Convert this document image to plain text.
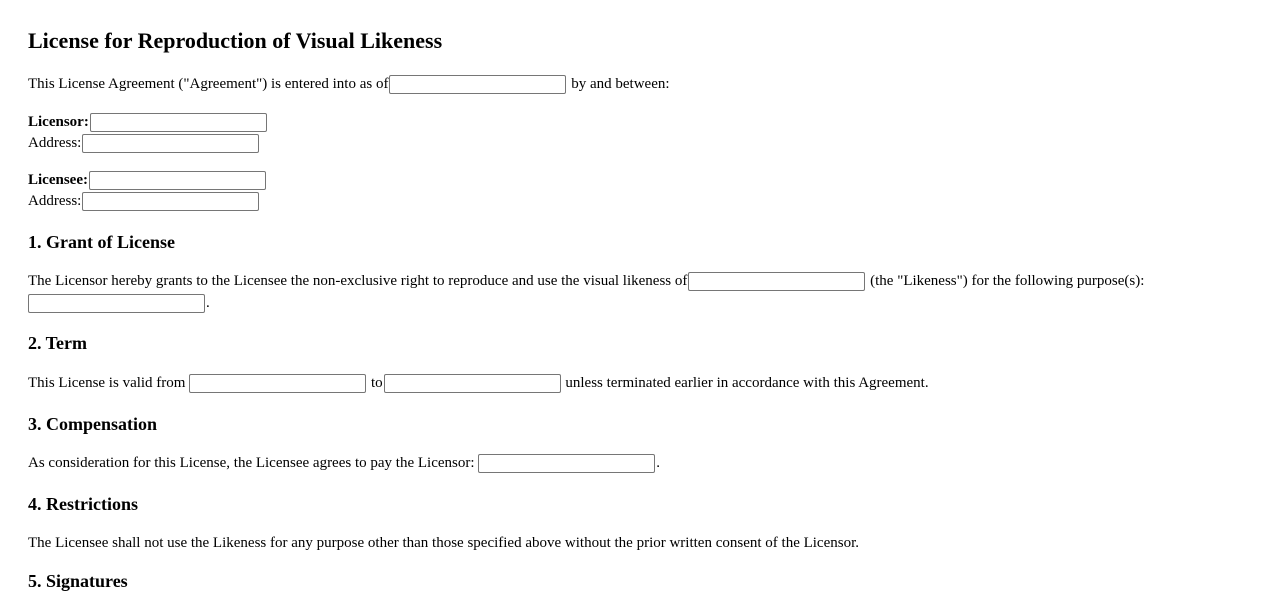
License for Reproduction of Visual Likeness
This License Agreement ("Agreement") is entered into as of	by and between:
Licensor:
Address:
Licensee:
Address:
1. Grant of License
The Licensor hereby grants to the Licensee the non-exclusive right to reproduce and use the visual likeness of	(the "Likeness") for the following purpose(s):
.
2. Term
This License is valid from	to	unless terminated earlier in accordance with this Agreement.
3. Compensation
As consideration for this License, the Licensee agrees to pay the Licensor:	.
4. Restrictions
The Licensee shall not use the Likeness for any purpose other than those specified above without the prior written consent of the Licensor.
5. Signatures
